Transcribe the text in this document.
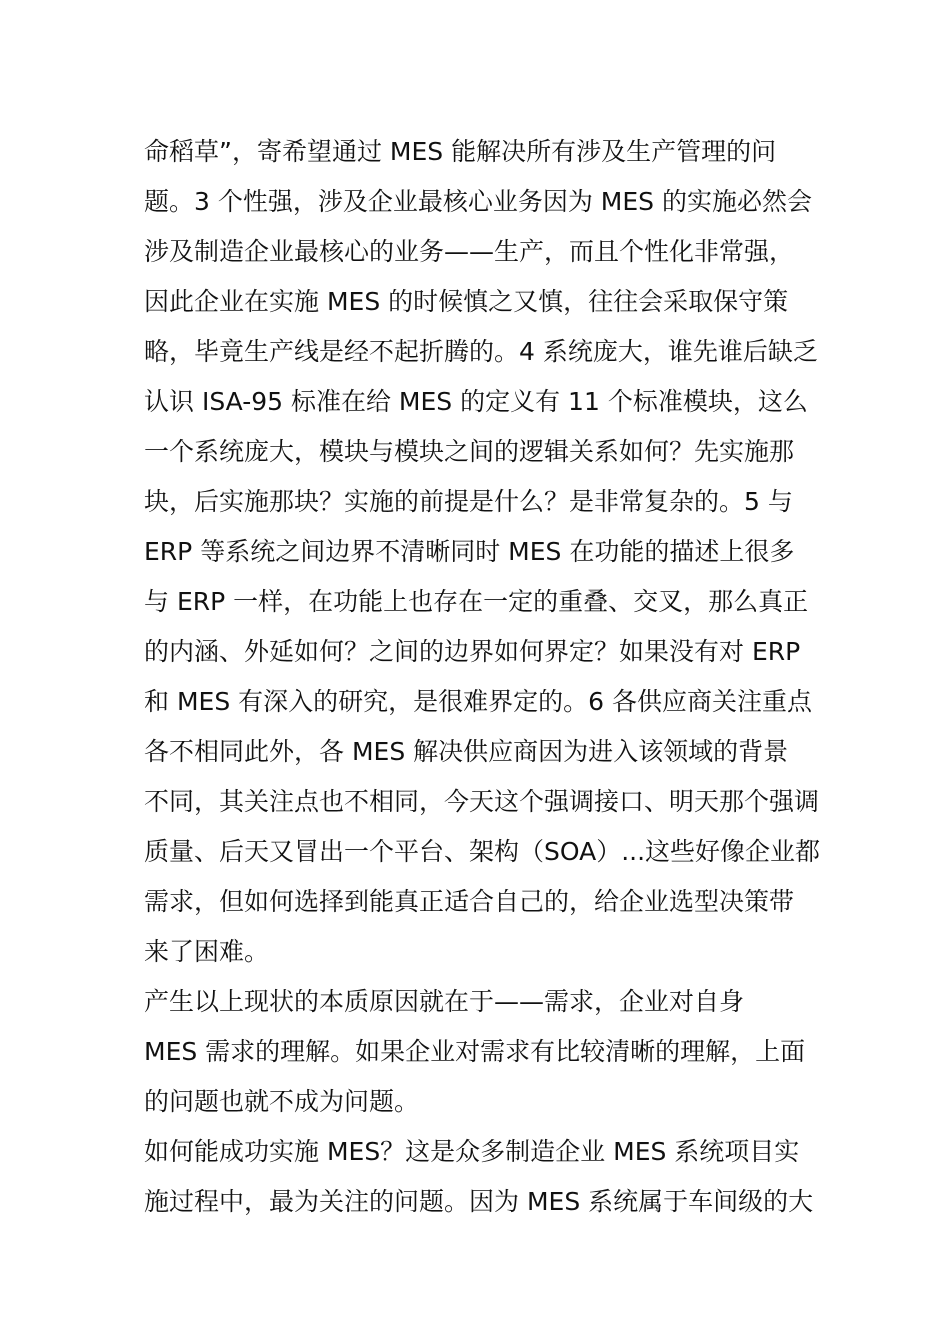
命稻草”，寄希望通过 MES 能解决所有涉及生产管理的问
题。3 个性强，涉及企业最核心业务因为 MES 的实施必然会
涉及制造企业最核心的业务——生产，而且个性化非常强，
因此企业在实施 MES 的时候慎之又慎，往往会采取保守策
略，毕竟生产线是经不起折腾的。4 系统庞大，谁先谁后缺乏
认识 ISA-95 标准在给 MES 的定义有 11 个标准模块，这么
一个系统庞大，模块与模块之间的逻辑关系如何？先实施那
块，后实施那块？实施的前提是什么？是非常复杂的。5 与
ERP 等系统之间边界不清晰同时 MES 在功能的描述上很多
与 ERP 一样，在功能上也存在一定的重叠、交叉，那么真正
的内涵、外延如何？之间的边界如何界定？如果没有对 ERP
和 MES 有深入的研究，是很难界定的。6 各供应商关注重点
各不相同此外，各 MES 解决供应商因为进入该领域的背景
不同，其关注点也不相同，今天这个强调接口、明天那个强调
质量、后天又冒出一个平台、架构（SOA）...这些好像企业都
需求，但如何选择到能真正适合自己的，给企业选型决策带
来了困难。
产生以上现状的本质原因就在于——需求，企业对自身
MES 需求的理解。如果企业对需求有比较清晰的理解，上面
的问题也就不成为问题。
如何能成功实施 MES？这是众多制造企业 MES 系统项目实
施过程中，最为关注的问题。因为 MES 系统属于车间级的大
